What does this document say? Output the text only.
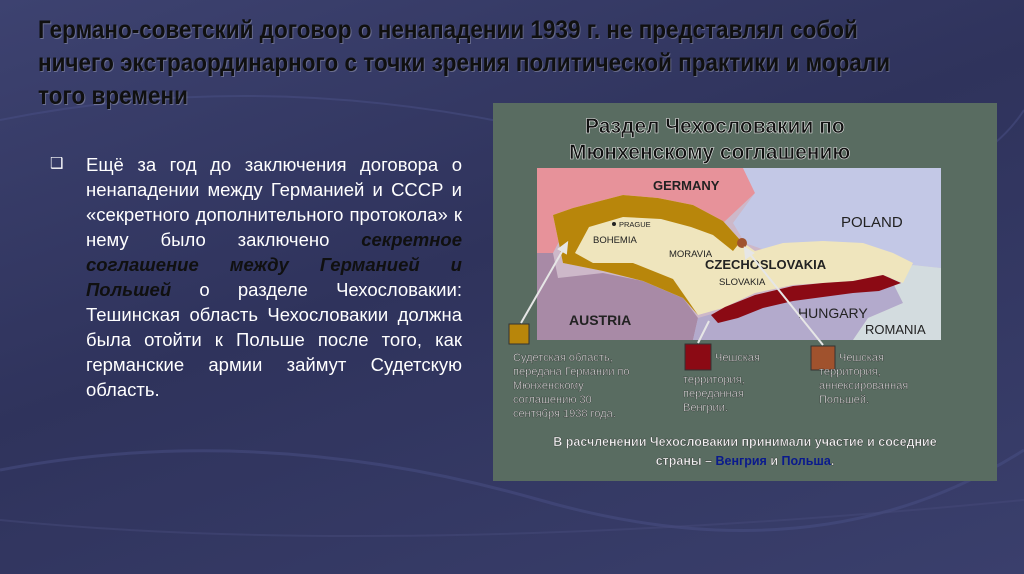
Германо-советский договор о ненападении 1939 г. не представлял собой ничего экстраординарного с точки зрения политической практики и морали того времени
❑ Ещё за год до заключения договора о ненападении между Германией и СССР и «секретного дополнительного протокола» к нему было заключено секретное соглашение между Германией и Польшей о разделе Чехословакии: Тешинская область Чехословакии должна была отойти к Польше после того, как германские армии займут Судетскую область.
Раздел Чехословакии по
Мюнхенскому соглашению
GERMANY
POLAND
AUSTRIA	HUNGARY
ROMANIA
CZECHOSLOVAKIA
BOHEMIA
MORAVIA
SLOVAKIA
PRAGUE
Судетская область, передана Германии по Мюнхенскому соглашению 30 сентября 1938 года.
Чешская территория, переданная Венгрии.
Чешская территория, аннексированная Польшей.
В расчленении Чехословакии принимали участие и соседние
страны – Венгрия и Польша.
